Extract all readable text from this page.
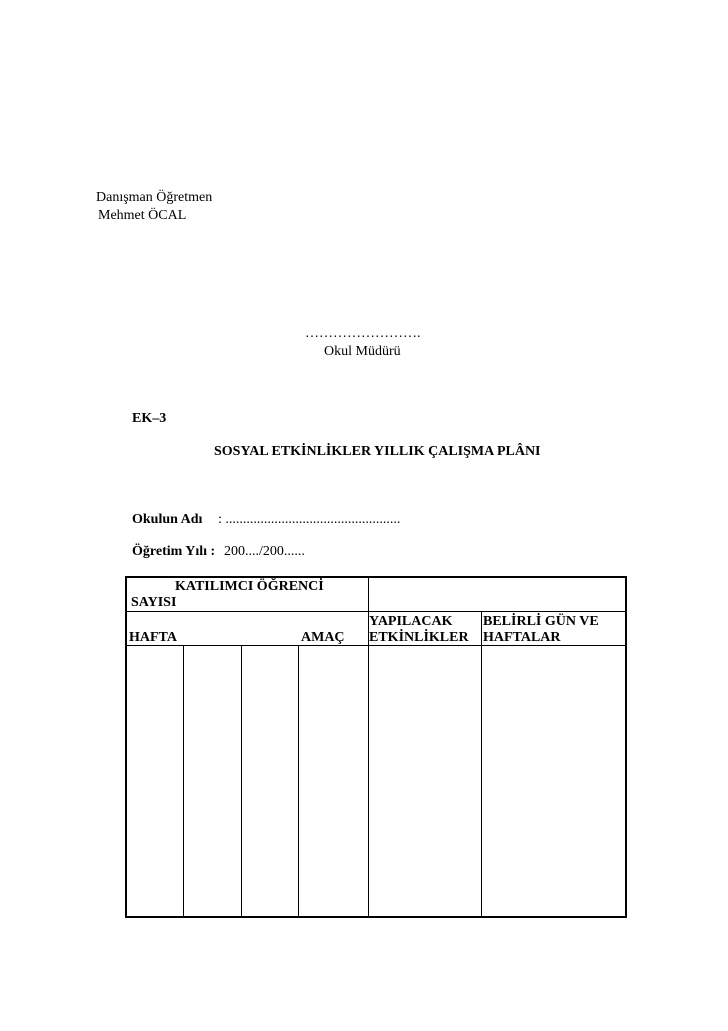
Danışman Öğretmen
Mehmet ÖCAL
…………………….
Okul Müdürü
EK–3
SOSYAL ETKİNLİKLER YILLIK ÇALIŞMA PLÂNI
Okulun Adı : ..................................................
Öğretim Yılı : 200..../200......
KATILIMCI ÖĞRENCİ
SAYISI
HAFTA	AMAÇ
YAPILACAK
ETKİNLİKLER
BELİRLİ GÜN VE
HAFTALAR
